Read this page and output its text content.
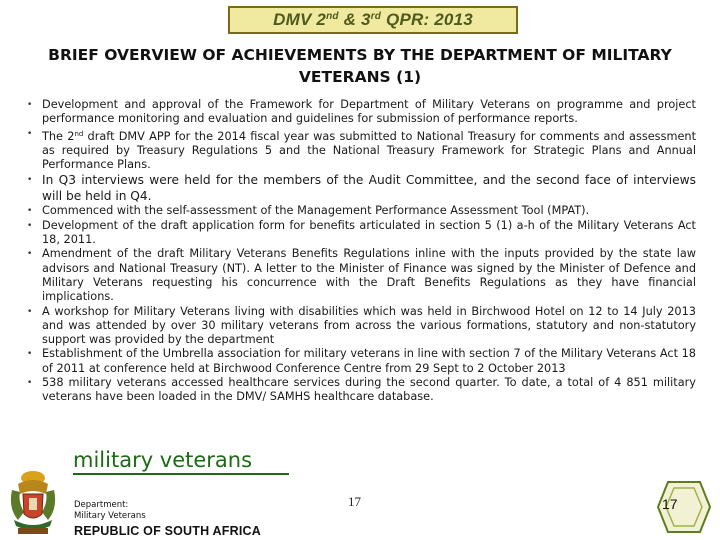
DMV 2nd & 3rd QPR: 2013
BRIEF OVERVIEW OF ACHIEVEMENTS BY THE DEPARTMENT OF MILITARY
VETERANS (1)
• Development and approval of the Framework for Department of Military Veterans on programme and project performance monitoring and evaluation and guidelines for submission of performance reports.
• The 2nd draft DMV APP for the 2014 fiscal year was submitted to National Treasury for comments and assessment as required by Treasury Regulations 5 and the National Treasury Framework for Strategic Plans and Annual Performance Plans.
• In Q3 interviews were held for the members of the Audit Committee, and the second face of interviews will be held in Q4.
• Commenced with the self-assessment of the Management Performance Assessment Tool (MPAT).
• Development of the draft application form for benefits articulated in section 5 (1) a-h of the Military Veterans Act 18, 2011.
• Amendment of the draft Military Veterans Benefits Regulations inline with the inputs provided by the state law advisors and National Treasury (NT). A letter to the Minister of Finance was signed by the Minister of Defence and Military Veterans requesting his concurrence with the Draft Benefits Regulations as they have financial implications.
• A workshop for Military Veterans living with disabilities which was held in Birchwood Hotel on 12 to 14 July 2013 and was attended by over 30 military veterans from across the various formations, statutory and non-statutory support was provided by the department
• Establishment of the Umbrella association for military veterans in line with section 7 of the Military Veterans Act 18 of 2011 at conference held at Birchwood Conference Centre from 29 Sept to 2 October 2013
• 538 military veterans accessed healthcare services during the second quarter. To date, a total of 4 851 military veterans have been loaded in the DMV/ SAMHS healthcare database.
military veterans
Department:
Military Veterans
REPUBLIC OF SOUTH AFRICA
17	17
